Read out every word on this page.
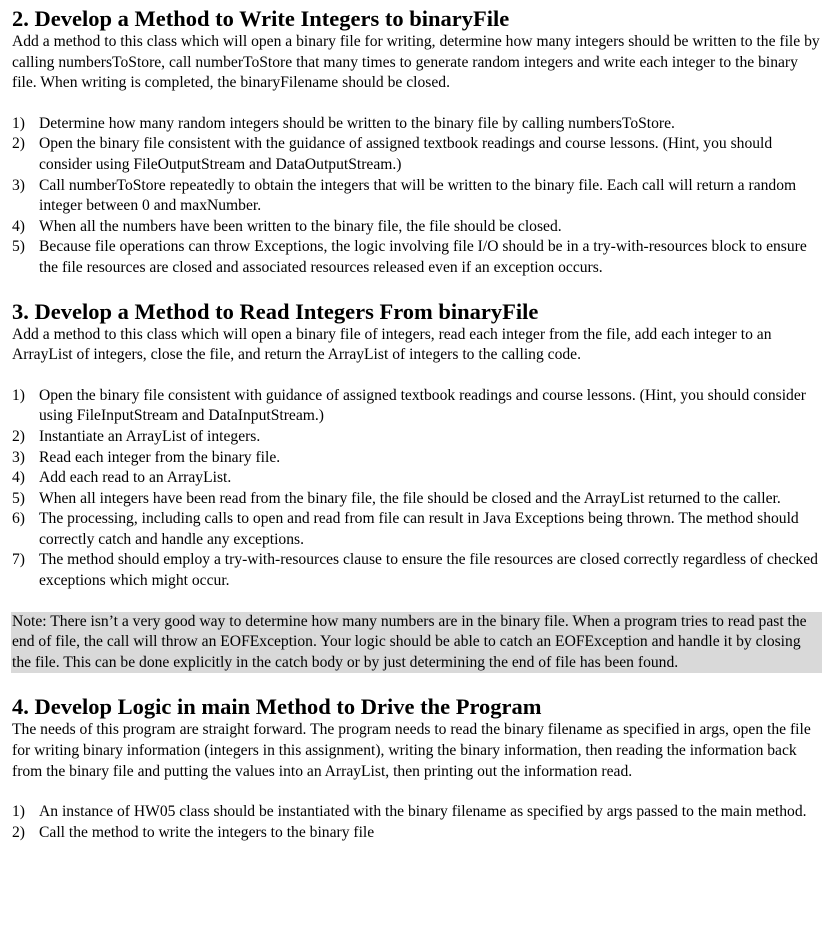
2. Develop a Method to Write Integers to binaryFile

Add a method to this class which will open a binary file for writing, determine how many integers should be written to the file by calling numbersToStore, call numberToStore that many times to generate random integers and write each integer to the binary file. When writing is completed, the binaryFilename should be closed.

1) Determine how many random integers should be written to the binary file by calling numbersToStore.
2) Open the binary file consistent with the guidance of assigned textbook readings and course lessons. (Hint, you should consider using FileOutputStream and DataOutputStream.)
3) Call numberToStore repeatedly to obtain the integers that will be written to the binary file. Each call will return a random integer between 0 and maxNumber.
4) When all the numbers have been written to the binary file, the file should be closed.
5) Because file operations can throw Exceptions, the logic involving file I/O should be in a try-with-resources block to ensure the file resources are closed and associated resources released even if an exception occurs.
3. Develop a Method to Read Integers From binaryFile

Add a method to this class which will open a binary file of integers, read each integer from the file, add each integer to an ArrayList of integers, close the file, and return the ArrayList of integers to the calling code.

1) Open the binary file consistent with guidance of assigned textbook readings and course lessons. (Hint, you should consider using FileInputStream and DataInputStream.)
2) Instantiate an ArrayList of integers.
3) Read each integer from the binary file.
4) Add each read to an ArrayList.
5) When all integers have been read from the binary file, the file should be closed and the ArrayList returned to the caller.
6) The processing, including calls to open and read from file can result in Java Exceptions being thrown. The method should correctly catch and handle any exceptions.
7) The method should employ a try-with-resources clause to ensure the file resources are closed correctly regardless of checked exceptions which might occur.
Note: There isn’t a very good way to determine how many numbers are in the binary file. When a program tries to read past the end of file, the call will throw an EOFException. Your logic should be able to catch an EOFException and handle it by closing the file. This can be done explicitly in the catch body or by just determining the end of file has been found.
4. Develop Logic in main Method to Drive the Program

The needs of this program are straight forward. The program needs to read the binary filename as specified in args, open the file for writing binary information (integers in this assignment), writing the binary information, then reading the information back from the binary file and putting the values into an ArrayList, then printing out the information read.

1) An instance of HW05 class should be instantiated with the binary filename as specified by args passed to the main method.
2) Call the method to write the integers to the binary file
